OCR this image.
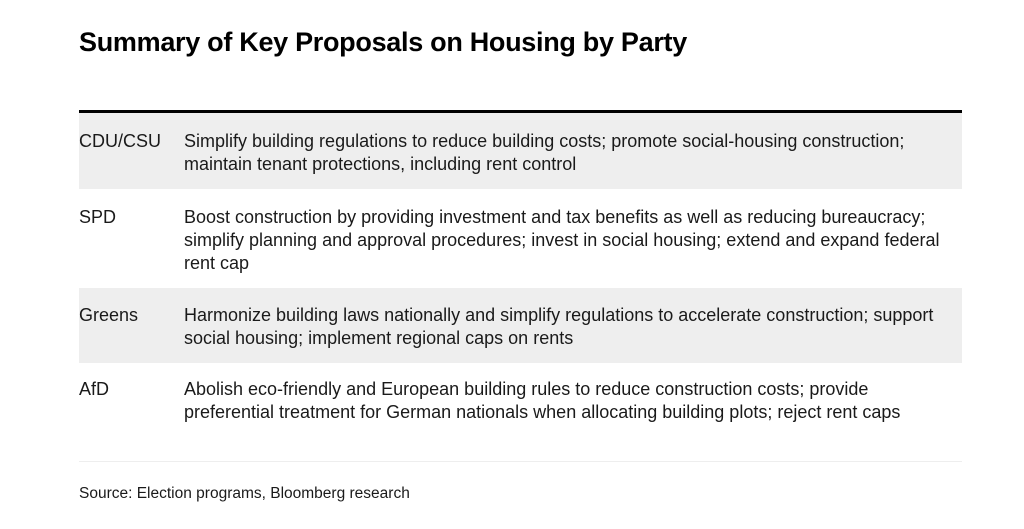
Summary of Key Proposals on Housing by Party
CDU/CSU	Simplify building regulations to reduce building costs; promote social-housing construction; maintain tenant protections, including rent control
SPD	Boost construction by providing investment and tax benefits as well as reducing bureaucracy; simplify planning and approval procedures; invest in social housing; extend and expand federal rent cap
Greens	Harmonize building laws nationally and simplify regulations to accelerate construction; support social housing; implement regional caps on rents
AfD	Abolish eco-friendly and European building rules to reduce construction costs; provide preferential treatment for German nationals when allocating building plots; reject rent caps
Source: Election programs, Bloomberg research
